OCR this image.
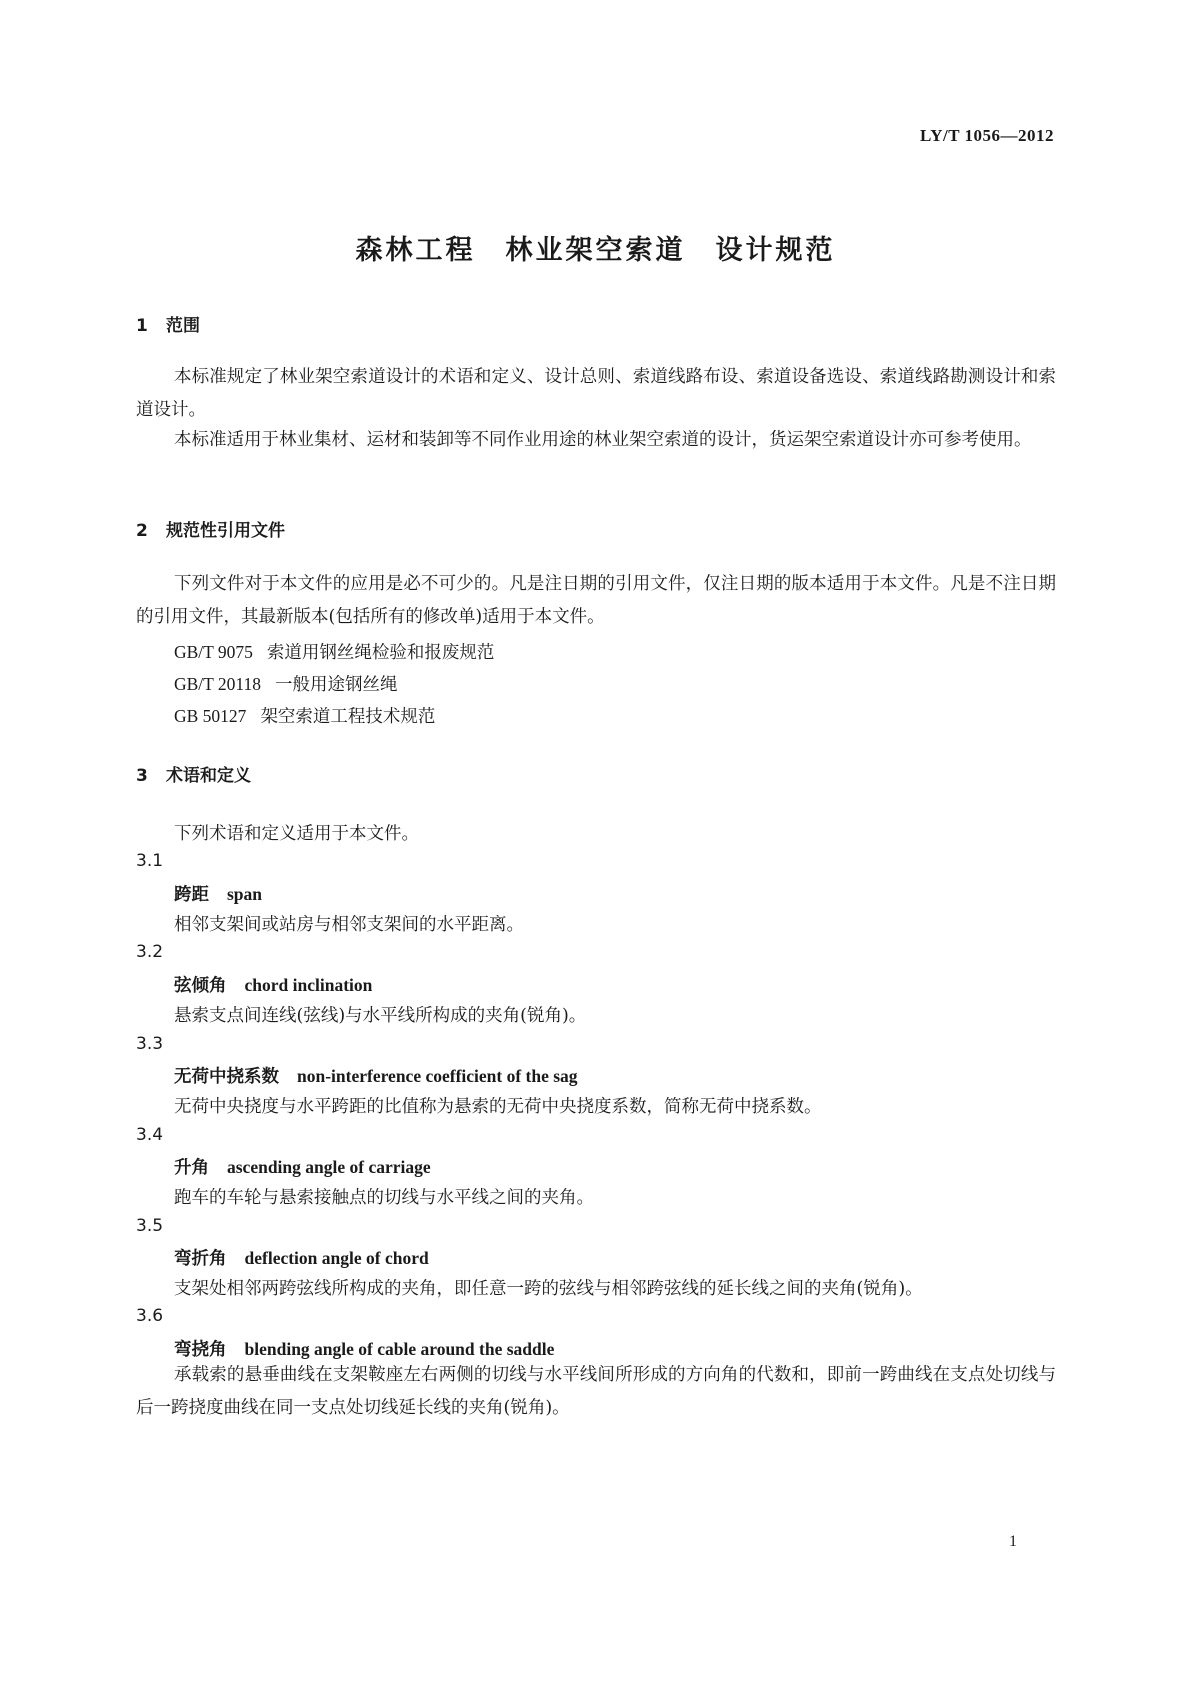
LY/T 1056—2012
森林工程　林业架空索道　设计规范
1 范围
本标准规定了林业架空索道设计的术语和定义、设计总则、索道线路布设、索道设备选设、索道线路勘测设计和索道设计。
本标准适用于林业集材、运材和装卸等不同作业用途的林业架空索道的设计，货运架空索道设计亦可参考使用。
2 规范性引用文件
下列文件对于本文件的应用是必不可少的。凡是注日期的引用文件，仅注日期的版本适用于本文件。凡是不注日期的引用文件，其最新版本(包括所有的修改单)适用于本文件。
GB/T 9075 索道用钢丝绳检验和报废规范
GB/T 20118 一般用途钢丝绳
GB 50127 架空索道工程技术规范
3 术语和定义
下列术语和定义适用于本文件。
3.1
跨距 span
相邻支架间或站房与相邻支架间的水平距离。
3.2
弦倾角 chord inclination
悬索支点间连线(弦线)与水平线所构成的夹角(锐角)。
3.3
无荷中挠系数 non-interference coefficient of the sag
无荷中央挠度与水平跨距的比值称为悬索的无荷中央挠度系数，简称无荷中挠系数。
3.4
升角 ascending angle of carriage
跑车的车轮与悬索接触点的切线与水平线之间的夹角。
3.5
弯折角 deflection angle of chord
支架处相邻两跨弦线所构成的夹角，即任意一跨的弦线与相邻跨弦线的延长线之间的夹角(锐角)。
3.6
弯挠角 blending angle of cable around the saddle
承载索的悬垂曲线在支架鞍座左右两侧的切线与水平线间所形成的方向角的代数和，即前一跨曲线在支点处切线与后一跨挠度曲线在同一支点处切线延长线的夹角(锐角)。
1
